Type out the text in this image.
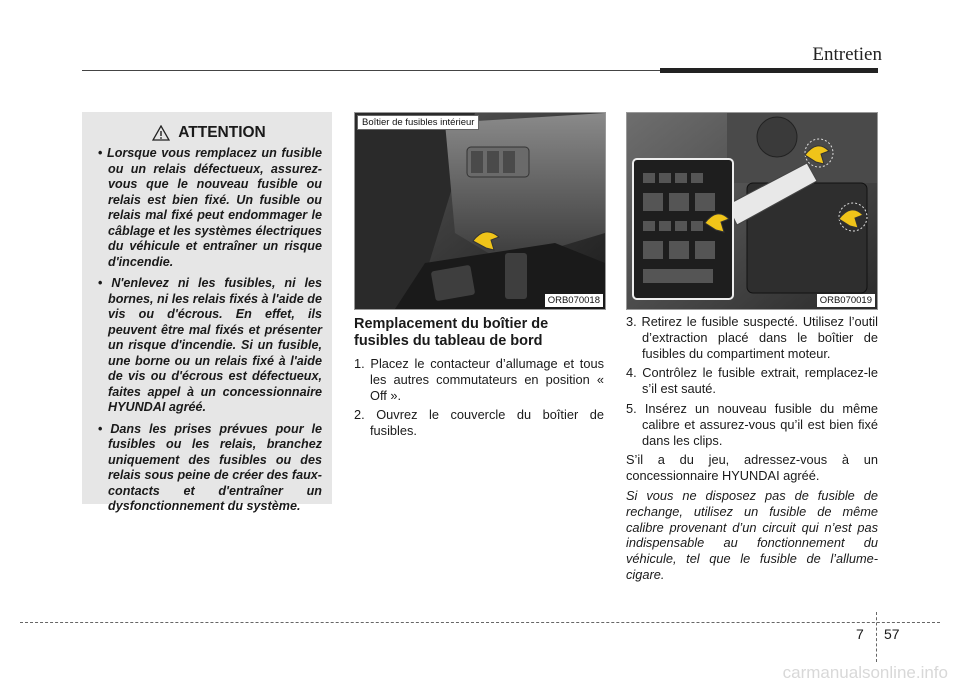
Entretien
ATTENTION
• Lorsque vous remplacez un fusible ou un relais défectueux, assurez-vous que le nouveau fusible ou relais est bien fixé. Un fusible ou relais mal fixé peut endommager le câblage et les systèmes électriques du véhicule et entraîner un risque d'incendie.
• N'enlevez ni les fusibles, ni les bornes, ni les relais fixés à l'aide de vis ou d'écrous. En effet, ils peuvent être mal fixés et présenter un risque d'incendie. Si un fusible, une borne ou un relais fixé à l'aide de vis ou d'écrous est défectueux, faites appel à un concessionnaire HYUNDAI agréé.
• Dans les prises prévues pour le fusibles ou les relais, branchez uniquement des fusibles ou des relais sous peine de créer des faux-contacts et d'entraîner un dysfonctionnement du système.
Boîtier de fusibles intérieur
ORB070018	ORB070019
Remplacement du boîtier de fusibles du tableau de bord
1. Placez le contacteur d’allumage et tous les autres commutateurs en position « Off ».
2. Ouvrez le couvercle du boîtier de fusibles.
3. Retirez le fusible suspecté. Utilisez l’outil d’extraction placé dans le boîtier de fusibles du compartiment moteur.
4. Contrôlez le fusible extrait, remplacez-le s’il est sauté.
5. Insérez un nouveau fusible du même calibre et assurez-vous qu’il est bien fixé dans les clips.

S’il a du jeu, adressez-vous à un concessionnaire HYUNDAI agréé.

Si vous ne disposez pas de fusible de rechange, utilisez un fusible de même calibre provenant d’un circuit qui n’est pas indispensable au fonctionnement du véhicule, tel que le fusible de l’allume-cigare.

7 57
carmanualsonline.info
